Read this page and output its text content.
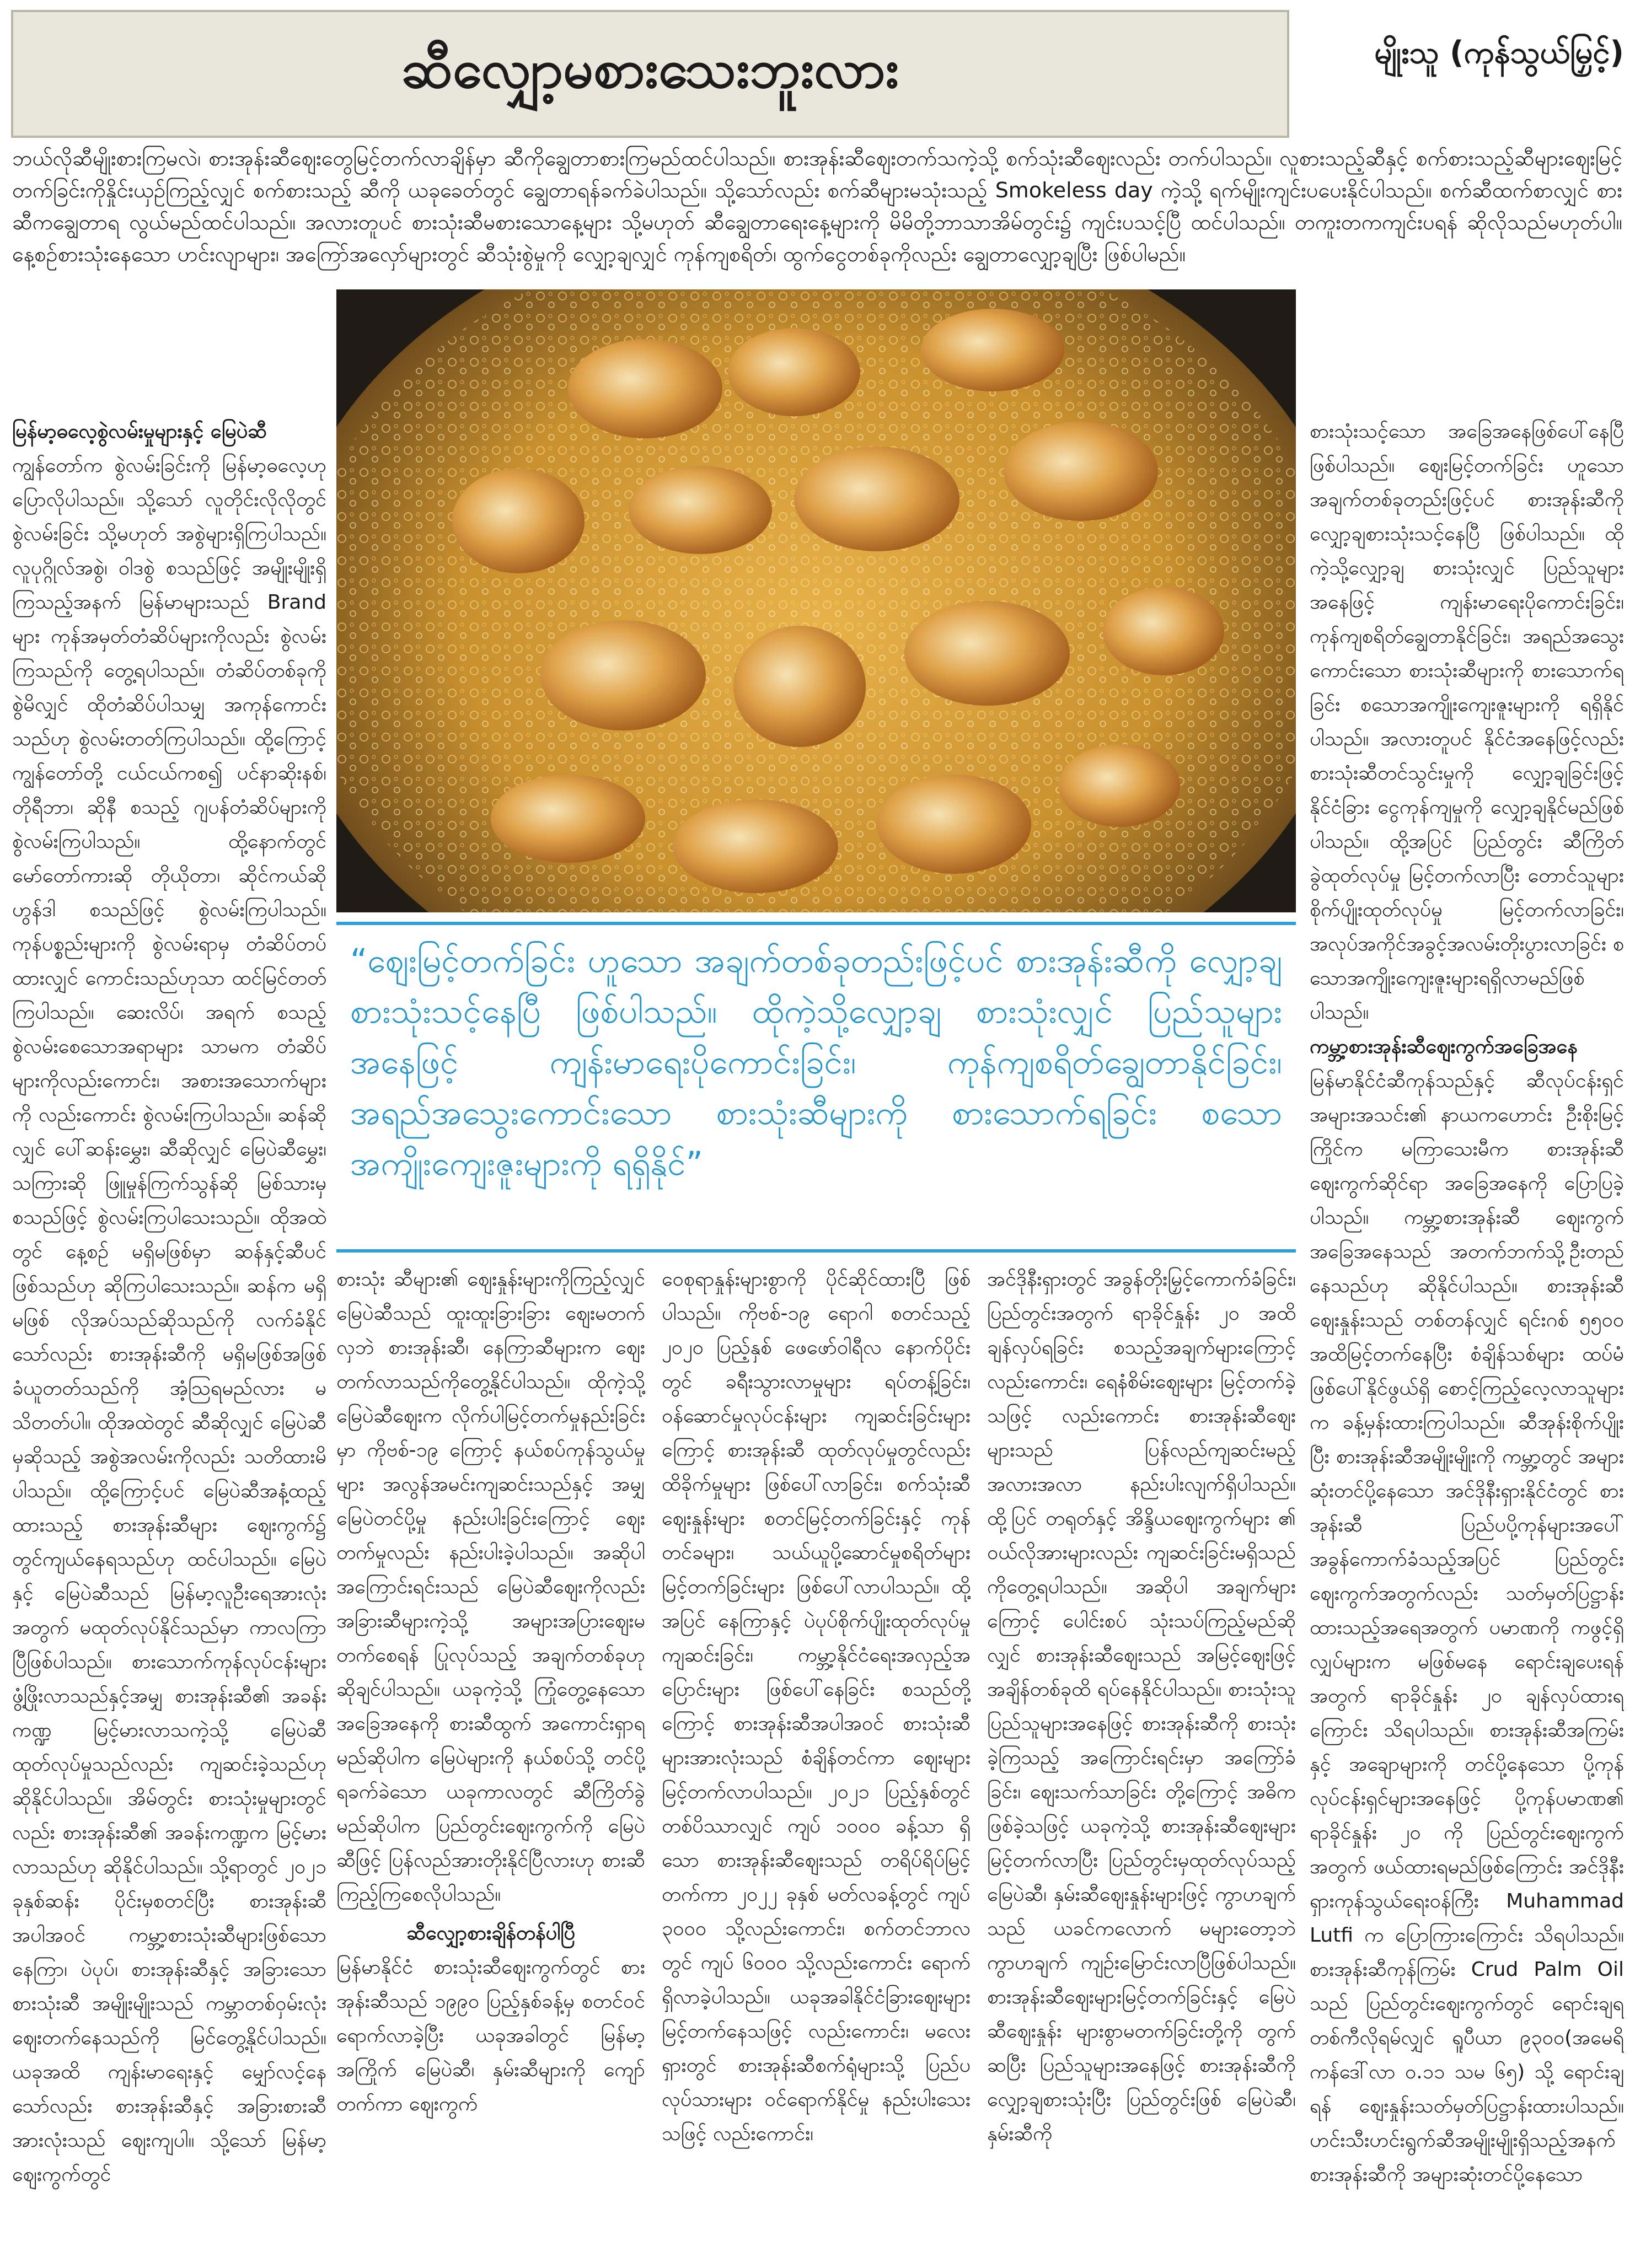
ဆီလျှော့မစားသေးဘူးလား	မျိုးသူ (ကုန်သွယ်မြှင့်)
ဘယ်လိုဆီမျိုးစားကြမလဲ၊ စားအုန်းဆီဈေးတွေမြင့်တက်လာချိန်မှာ ဆီကိုချွေတာစားကြမည်ထင်ပါသည်။ စားအုန်းဆီဈေးတက်သကဲ့သို့ စက်သုံးဆီဈေးလည်း တက်ပါသည်။ လူစားသည့်ဆီနှင့် စက်စားသည့်ဆီများဈေးမြင့်တက်ခြင်းကိုနှိုင်းယှဉ်ကြည့်လျှင် စက်စားသည့် ဆီကို ယခုခေတ်တွင် ချွေတာရန်ခက်ခဲပါသည်။ သို့သော်လည်း စက်ဆီများမသုံးသည့် Smokeless day ကဲ့သို့ ရက်မျိုးကျင်းပပေးနိုင်ပါသည်။ စက်ဆီထက်စာလျှင် စားဆီကချွေတာရ လွယ်မည်ထင်ပါသည်။ အလားတူပင် စားသုံးဆီမစားသောနေ့များ သို့မဟုတ် ဆီချွေတာရေးနေ့များကို မိမိတို့ဘာသာအိမ်တွင်း၌ ကျင်းပသင့်ပြီ ထင်ပါသည်။ တကူးတကကျင်းပရန် ဆိုလိုသည်မဟုတ်ပါ။ နေ့စဉ်စားသုံးနေသော ဟင်းလျာများ၊ အကြော်အလှော်များတွင် ဆီသုံးစွဲမှုကို လျှော့ချလျှင် ကုန်ကျစရိတ်၊ ထွက်ငွေတစ်ခုကိုလည်း ချွေတာလျှော့ချပြီး ဖြစ်ပါမည်။
မြန်မာ့ဓလေ့စွဲလမ်းမှုများနှင့် မြေပဲဆီ

ကျွန်တော်က စွဲလမ်းခြင်းကို မြန်မာ့ဓလေ့ဟု ပြောလိုပါသည်။ သို့သော် လူတိုင်းလိုလိုတွင် စွဲလမ်းခြင်း သို့မဟုတ် အစွဲများရှိကြပါသည်။ လူပုဂ္ဂိုလ်အစွဲ၊ ဝါဒစွဲ စသည်ဖြင့် အမျိုးမျိုးရှိကြသည့်အနက် မြန်မာများသည် Brand များ ကုန်အမှတ်တံဆိပ်များကိုလည်း စွဲလမ်းကြသည်ကို တွေ့ရပါသည်။ တံဆိပ်တစ်ခုကိုစွဲမိလျှင် ထိုတံဆိပ်ပါသမျှ အကုန်ကောင်းသည်ဟု စွဲလမ်းတတ်ကြပါသည်။ ထို့ကြောင့် ကျွန်တော်တို့ ငယ်ငယ်ကစ၍ ပင်နာဆိုးနစ်၊ တိုရီဘာ၊ ဆိုနီ စသည့် ဂျပန်တံဆိပ်များကို စွဲလမ်းကြပါသည်။ ထို့နောက်တွင် မော်တော်ကားဆို တိုယိုတာ၊ ဆိုင်ကယ်ဆို ဟွန်ဒါ စသည်ဖြင့် စွဲလမ်းကြပါသည်။ ကုန်ပစ္စည်းများကို စွဲလမ်းရာမှ တံဆိပ်တပ်ထားလျှင် ကောင်းသည်ဟုသာ ထင်မြင်တတ်ကြပါသည်။ ဆေးလိပ်၊ အရက် စသည့် စွဲလမ်းစေသောအရာများ သာမက တံဆိပ်များကိုလည်းကောင်း၊ အစားအသောက်များကို လည်းကောင်း စွဲလမ်းကြပါသည်။ ဆန်ဆိုလျှင် ပေါ်ဆန်းမွှေး၊ ဆီဆိုလျှင် မြေပဲဆီမွှေး၊ သကြားဆို ဖြူမှုန်ကြက်သွန်ဆို မြစ်သားမှ စသည်ဖြင့် စွဲလမ်းကြပါသေးသည်။ ထိုအထဲတွင် နေ့စဉ် မရှိမဖြစ်မှာ ဆန်နှင့်ဆီပင်ဖြစ်သည်ဟု ဆိုကြပါသေးသည်။ ဆန်က မရှိမဖြစ် လိုအပ်သည်ဆိုသည်ကို လက်ခံနိုင်သော်လည်း စားအုန်းဆီကို မရှိမဖြစ်အဖြစ် ခံယူတတ်သည်ကို အံ့သြရမည်လား မသိတတ်ပါ။ ထိုအထဲတွင် ဆီဆိုလျှင် မြေပဲဆီမှဆိုသည့် အစွဲအလမ်းကိုလည်း သတိထားမိပါသည်။ ထို့ကြောင့်ပင် မြေပဲဆီအနံ့ထည့်ထားသည့် စားအုန်းဆီများ ဈေးကွက်၌ တွင်ကျယ်နေရသည်ဟု ထင်ပါသည်။ မြေပဲနှင့် မြေပဲဆီသည် မြန်မာ့လူဦးရေအားလုံးအတွက် မထုတ်လုပ်နိုင်သည်မှာ ကာလကြာပြီဖြစ်ပါသည်။ စားသောက်ကုန်လုပ်ငန်းများ ဖွံ့ဖြိုးလာသည်နှင့်အမျှ စားအုန်းဆီ၏ အခန်းကဏ္ဍ မြင့်မားလာသကဲ့သို့ မြေပဲဆီထုတ်လုပ်မှုသည်လည်း ကျဆင်းခဲ့သည်ဟု ဆိုနိုင်ပါသည်။ အိမ်တွင်း စားသုံးမှုများတွင်လည်း စားအုန်းဆီ၏ အခန်းကဏ္ဍက မြင့်မားလာသည်ဟု ဆိုနိုင်ပါသည်။ သို့ရာတွင် ၂၀၂၁ ခုနှစ်ဆန်း ပိုင်းမှစတင်ပြီး စားအုန်းဆီအပါအဝင် ကမ္ဘာ့စားသုံးဆီများဖြစ်သော နေကြာ၊ ပဲပုပ်၊ စားအုန်းဆီနှင့် အခြားသော စားသုံးဆီ အမျိုးမျိုးသည် ကမ္ဘာတစ်ဝှမ်းလုံး ဈေးတက်နေသည်ကို မြင်တွေ့နိုင်ပါသည်။ ယခုအထိ ကျန်းမာရေးနှင့် မျှော်လင့်နေသော်လည်း စားအုန်းဆီနှင့် အခြားစားဆီအားလုံးသည် ဈေးကျပါ။ သို့သော် မြန်မာ့ဈေးကွက်တွင်

“ဈေးမြင့်တက်ခြင်း ဟူသော အချက်တစ်ခုတည်းဖြင့်ပင် စားအုန်းဆီကို လျှော့ချစားသုံးသင့်နေပြီ ဖြစ်ပါသည်။ ထိုကဲ့သို့လျှော့ချ စားသုံးလျှင် ပြည်သူများအနေဖြင့် ကျန်းမာရေးပိုကောင်းခြင်း၊ ကုန်ကျစရိတ်ချွေတာနိုင်ခြင်း၊ အရည်အသွေးကောင်းသော စားသုံးဆီများကို စားသောက်ရခြင်း စသောအကျိုးကျေးဇူးများကို ရရှိနိုင်”

စားသုံး ဆီများ၏ ဈေးနှုန်းများကိုကြည့်လျှင် မြေပဲဆီသည် ထူးထူးခြားခြား ဈေးမတက်လှဘဲ စားအုန်းဆီ၊ နေကြာဆီများက ဈေးတက်လာသည်ကိုတွေ့နိုင်ပါသည်။ ထိုကဲ့သို့ မြေပဲဆီဈေးက လိုက်ပါမြင့်တက်မှုနည်းခြင်းမှာ ကိုဗစ်-၁၉ ကြောင့် နယ်စပ်ကုန်သွယ်မှုများ အလွန်အမင်းကျဆင်းသည်နှင့် အမျှ မြေပဲတင်ပို့မှု နည်းပါးခြင်းကြောင့် ဈေးတက်မှုလည်း နည်းပါးခဲ့ပါသည်။ အဆိုပါ အကြောင်းရင်းသည် မြေပဲဆီဈေးကိုလည်း အခြားဆီများကဲ့သို့ အများအပြားဈေးမတက်စေရန် ပြုလုပ်သည့် အချက်တစ်ခုဟု ဆိုချင်ပါသည်။ ယခုကဲ့သို့ ကြုံတွေ့နေသော အခြေအနေကို စားဆီထွက် အကောင်းရှာရမည်ဆိုပါက မြေပဲများကို နယ်စပ်သို့ တင်ပို့ရခက်ခဲသော ယခုကာလတွင် ဆီကြိတ်ခွဲမည်ဆိုပါက ပြည်တွင်းဈေးကွက်ကို မြေပဲဆီဖြင့် ပြန်လည်အားတိုးနိုင်ပြီလားဟု စားဆီကြည့်ကြစေလိုပါသည်။

ဆီလျှော့စားချိန်တန်ပါပြီ

မြန်မာနိုင်ငံ စားသုံးဆီဈေးကွက်တွင် စားအုန်းဆီသည် ၁၉၉၀ ပြည့်နှစ်ခန့်မှ စတင်ဝင်ရောက်လာခဲ့ပြီး ယခုအခါတွင် မြန်မာ့အကြိုက် မြေပဲဆီ၊ နှမ်းဆီများကို ကျော်တက်ကာ ဈေးကွက်

ဝေစုရာနှုန်းများစွာကို ပိုင်ဆိုင်ထားပြီ ဖြစ်ပါသည်။ ကိုဗစ်-၁၉ ရောဂါ စတင်သည့် ၂၀၂၀ ပြည့်နှစ် ဖေဖော်ဝါရီလ နောက်ပိုင်းတွင် ခရီးသွားလာမှုများ ရပ်တန့်ခြင်း၊ ဝန်ဆောင်မှုလုပ်ငန်းများ ကျဆင်းခြင်းများကြောင့် စားအုန်းဆီ ထုတ်လုပ်မှုတွင်လည်း ထိခိုက်မှုများ ဖြစ်ပေါ်လာခြင်း၊ စက်သုံးဆီဈေးနှုန်းများ စတင်မြင့်တက်ခြင်းနှင့် ကုန်တင်ခများ၊ သယ်ယူပို့ဆောင်မှုစရိတ်များ မြင့်တက်ခြင်းများ ဖြစ်ပေါ်လာပါသည်။ ထို့အပြင် နေကြာနှင့် ပဲပုပ်စိုက်ပျိုးထုတ်လုပ်မှုကျဆင်းခြင်း၊ ကမ္ဘာ့နိုင်ငံရေးအလှည့်အပြောင်းများ ဖြစ်ပေါ်နေခြင်း စသည်တို့ကြောင့် စားအုန်းဆီအပါအဝင် စားသုံးဆီများအားလုံးသည် စံချိန်တင်ကာ ဈေးများမြင့်တက်လာပါသည်။ ၂၀၂၁ ပြည့်နှစ်တွင် တစ်ပိဿာလျှင် ကျပ် ၁၀၀၀ ခန့်သာ ရှိသော စားအုန်းဆီဈေးသည် တရိပ်ရိပ်မြင့်တက်ကာ ၂၀၂၂ ခုနှစ် မတ်လခန့်တွင် ကျပ် ၃၀၀၀ သို့လည်းကောင်း၊ စက်တင်ဘာလတွင် ကျပ် ၆၀၀၀ သို့လည်းကောင်း ရောက်ရှိလာခဲ့ပါသည်။ ယခုအခါနိုင်ငံခြားဈေးများ မြင့်တက်နေသဖြင့် လည်းကောင်း၊ မလေးရှားတွင် စားအုန်းဆီစက်ရုံများသို့ ပြည်ပလုပ်သားများ ဝင်ရောက်နိုင်မှု နည်းပါးသေးသဖြင့် လည်းကောင်း၊

အင်ဒိုနီးရှားတွင် အခွန်တိုးမြှင့်ကောက်ခံခြင်း၊ ပြည်တွင်းအတွက် ရာခိုင်နှုန်း ၂၀ အထိ ချန်လှပ်ရခြင်း စသည့်အချက်များကြောင့် လည်းကောင်း၊ ရေနံစိမ်းဈေးများ မြင့်တက်ခဲ့သဖြင့် လည်းကောင်း စားအုန်းဆီဈေးများသည် ပြန်လည်ကျဆင်းမည့် အလားအလာ နည်းပါးလျက်ရှိပါသည်။ ထို့ပြင် တရုတ်နှင့် အိန္ဒိယဈေးကွက်များ ၏ ဝယ်လိုအားများလည်း ကျဆင်းခြင်းမရှိသည်ကိုတွေ့ရပါသည်။ အဆိုပါ အချက်များကြောင့် ပေါင်းစပ် သုံးသပ်ကြည့်မည်ဆိုလျှင် စားအုန်းဆီဈေးသည် အမြင့်ဈေးဖြင့် အချိန်တစ်ခုထိ ရပ်နေနိုင်ပါသည်။ စားသုံးသူပြည်သူများအနေဖြင့် စားအုန်းဆီကို စားသုံးခဲ့ကြသည့် အကြောင်းရင်းမှာ အကြော်ခံခြင်း၊ ဈေးသက်သာခြင်း တို့ကြောင့် အဓိကဖြစ်ခဲ့သဖြင့် ယခုကဲ့သို့ စားအုန်းဆီဈေးများ မြင့်တက်လာပြီး ပြည်တွင်းမှထုတ်လုပ်သည့် မြေပဲဆီ၊ နှမ်းဆီဈေးနှုန်းများဖြင့် ကွာဟချက်သည် ယခင်ကလောက် မများတော့ဘဲ ကွာဟချက် ကျဉ်းမြောင်းလာပြီဖြစ်ပါသည်။ စားအုန်းဆီဈေးများမြင့်တက်ခြင်းနှင့် မြေပဲဆီဈေးနှုန်း များစွာမတက်ခြင်းတို့ကို တွက်ဆပြီး ပြည်သူများအနေဖြင့် စားအုန်းဆီကို လျှော့ချစားသုံးပြီး ပြည်တွင်းဖြစ် မြေပဲဆီ၊ နှမ်းဆီကို

စားသုံးသင့်သော အခြေအနေဖြစ်ပေါ်နေပြီ ဖြစ်ပါသည်။ ဈေးမြင့်တက်ခြင်း ဟူသော အချက်တစ်ခုတည်းဖြင့်ပင် စားအုန်းဆီကို လျှော့ချစားသုံးသင့်နေပြီ ဖြစ်ပါသည်။ ထိုကဲ့သို့လျှော့ချ စားသုံးလျှင် ပြည်သူများအနေဖြင့် ကျန်းမာရေးပိုကောင်းခြင်း၊ ကုန်ကျစရိတ်ချွေတာနိုင်ခြင်း၊ အရည်အသွေးကောင်းသော စားသုံးဆီများကို စားသောက်ရခြင်း စသောအကျိုးကျေးဇူးများကို ရရှိနိုင်ပါသည်။ အလားတူပင် နိုင်ငံအနေဖြင့်လည်း စားသုံးဆီတင်သွင်းမှုကို လျှော့ချခြင်းဖြင့် နိုင်ငံခြား ငွေကုန်ကျမှုကို လျှော့ချနိုင်မည်ဖြစ်ပါသည်။ ထို့အပြင် ပြည်တွင်း ဆီကြိတ်ခွဲထုတ်လုပ်မှု မြင့်တက်လာပြီး တောင်သူများ စိုက်ပျိုးထုတ်လုပ်မှု မြင့်တက်လာခြင်း၊ အလုပ်အကိုင်အခွင့်အလမ်းတိုးပွားလာခြင်း စသောအကျိုးကျေးဇူးများရရှိလာမည်ဖြစ်ပါသည်။

ကမ္ဘာ့စားအုန်းဆီဈေးကွက်အခြေအနေ

မြန်မာနိုင်ငံဆီကုန်သည်နှင့် ဆီလုပ်ငန်းရှင်အများအသင်း၏ နာယကဟောင်း ဦးစိုးမြင့်ကြိုင်က မကြာသေးမီက စားအုန်းဆီ ဈေးကွက်ဆိုင်ရာ အခြေအနေကို ပြောပြခဲ့ပါသည်။ ကမ္ဘာ့စားအုန်းဆီ ဈေးကွက်အခြေအနေသည် အတက်ဘက်သို့ဦးတည်နေသည်ဟု ဆိုနိုင်ပါသည်။ စားအုန်းဆီဈေးနှုန်းသည် တစ်တန်လျှင် ရင်းဂစ် ၅၅၀၀ အထိမြင့်တက်နေပြီး စံချိန်သစ်များ ထပ်မံဖြစ်ပေါ်နိုင်ဖွယ်ရှိ စောင့်ကြည့်လေ့လာသူများက ခန့်မှန်းထားကြပါသည်။ ဆီအုန်းစိုက်ပျိုးပြီး စားအုန်းဆီအမျိုးမျိုးကို ကမ္ဘာ့တွင် အများဆုံးတင်ပို့နေသော အင်ဒိုနီးရှားနိုင်ငံတွင် စားအုန်းဆီ ပြည်ပပို့ကုန်များအပေါ် အခွန်ကောက်ခံသည့်အပြင် ပြည်တွင်းဈေးကွက်အတွက်လည်း သတ်မှတ်ပြဋ္ဌာန်းထားသည့်အရေအတွက် ပမာဏကို ကဖွင့်ရှိလျှပ်များက မဖြစ်မနေ ရောင်းချပေးရန်အတွက် ရာခိုင်နှုန်း ၂၀ ချန်လှပ်ထားရကြောင်း သိရပါသည်။ စားအုန်းဆီအကြမ်းနှင့် အချောများကို တင်ပို့နေသော ပို့ကုန်လုပ်ငန်းရှင်များအနေဖြင့် ပို့ကုန်ပမာဏ၏ ရာခိုင်နှုန်း ၂၀ ကို ပြည်တွင်းဈေးကွက်အတွက် ဖယ်ထားရမည်ဖြစ်ကြောင်း အင်ဒိုနီးရှားကုန်သွယ်ရေးဝန်ကြီး Muhammad Lutfi က ပြောကြားကြောင်း သိရပါသည်။ စားအုန်းဆီကုန်ကြမ်း Crud Palm Oil သည် ပြည်တွင်းဈေးကွက်တွင် ရောင်းချရ တစ်ကီလိုရမ်လျှင် ရူပီယာ ၉၃၀၀(အမေရိကန်ဒေါ်လာ ၀.၁၁ သမ ၆၅) သို့ ရောင်းချရန် ဈေးနှုန်းသတ်မှတ်ပြဋ္ဌာန်းထားပါသည်။ ဟင်းသီးဟင်းရွက်ဆီအမျိုးမျိုးရှိသည့်အနက် စားအုန်းဆီကို အများဆုံးတင်ပို့နေသော
